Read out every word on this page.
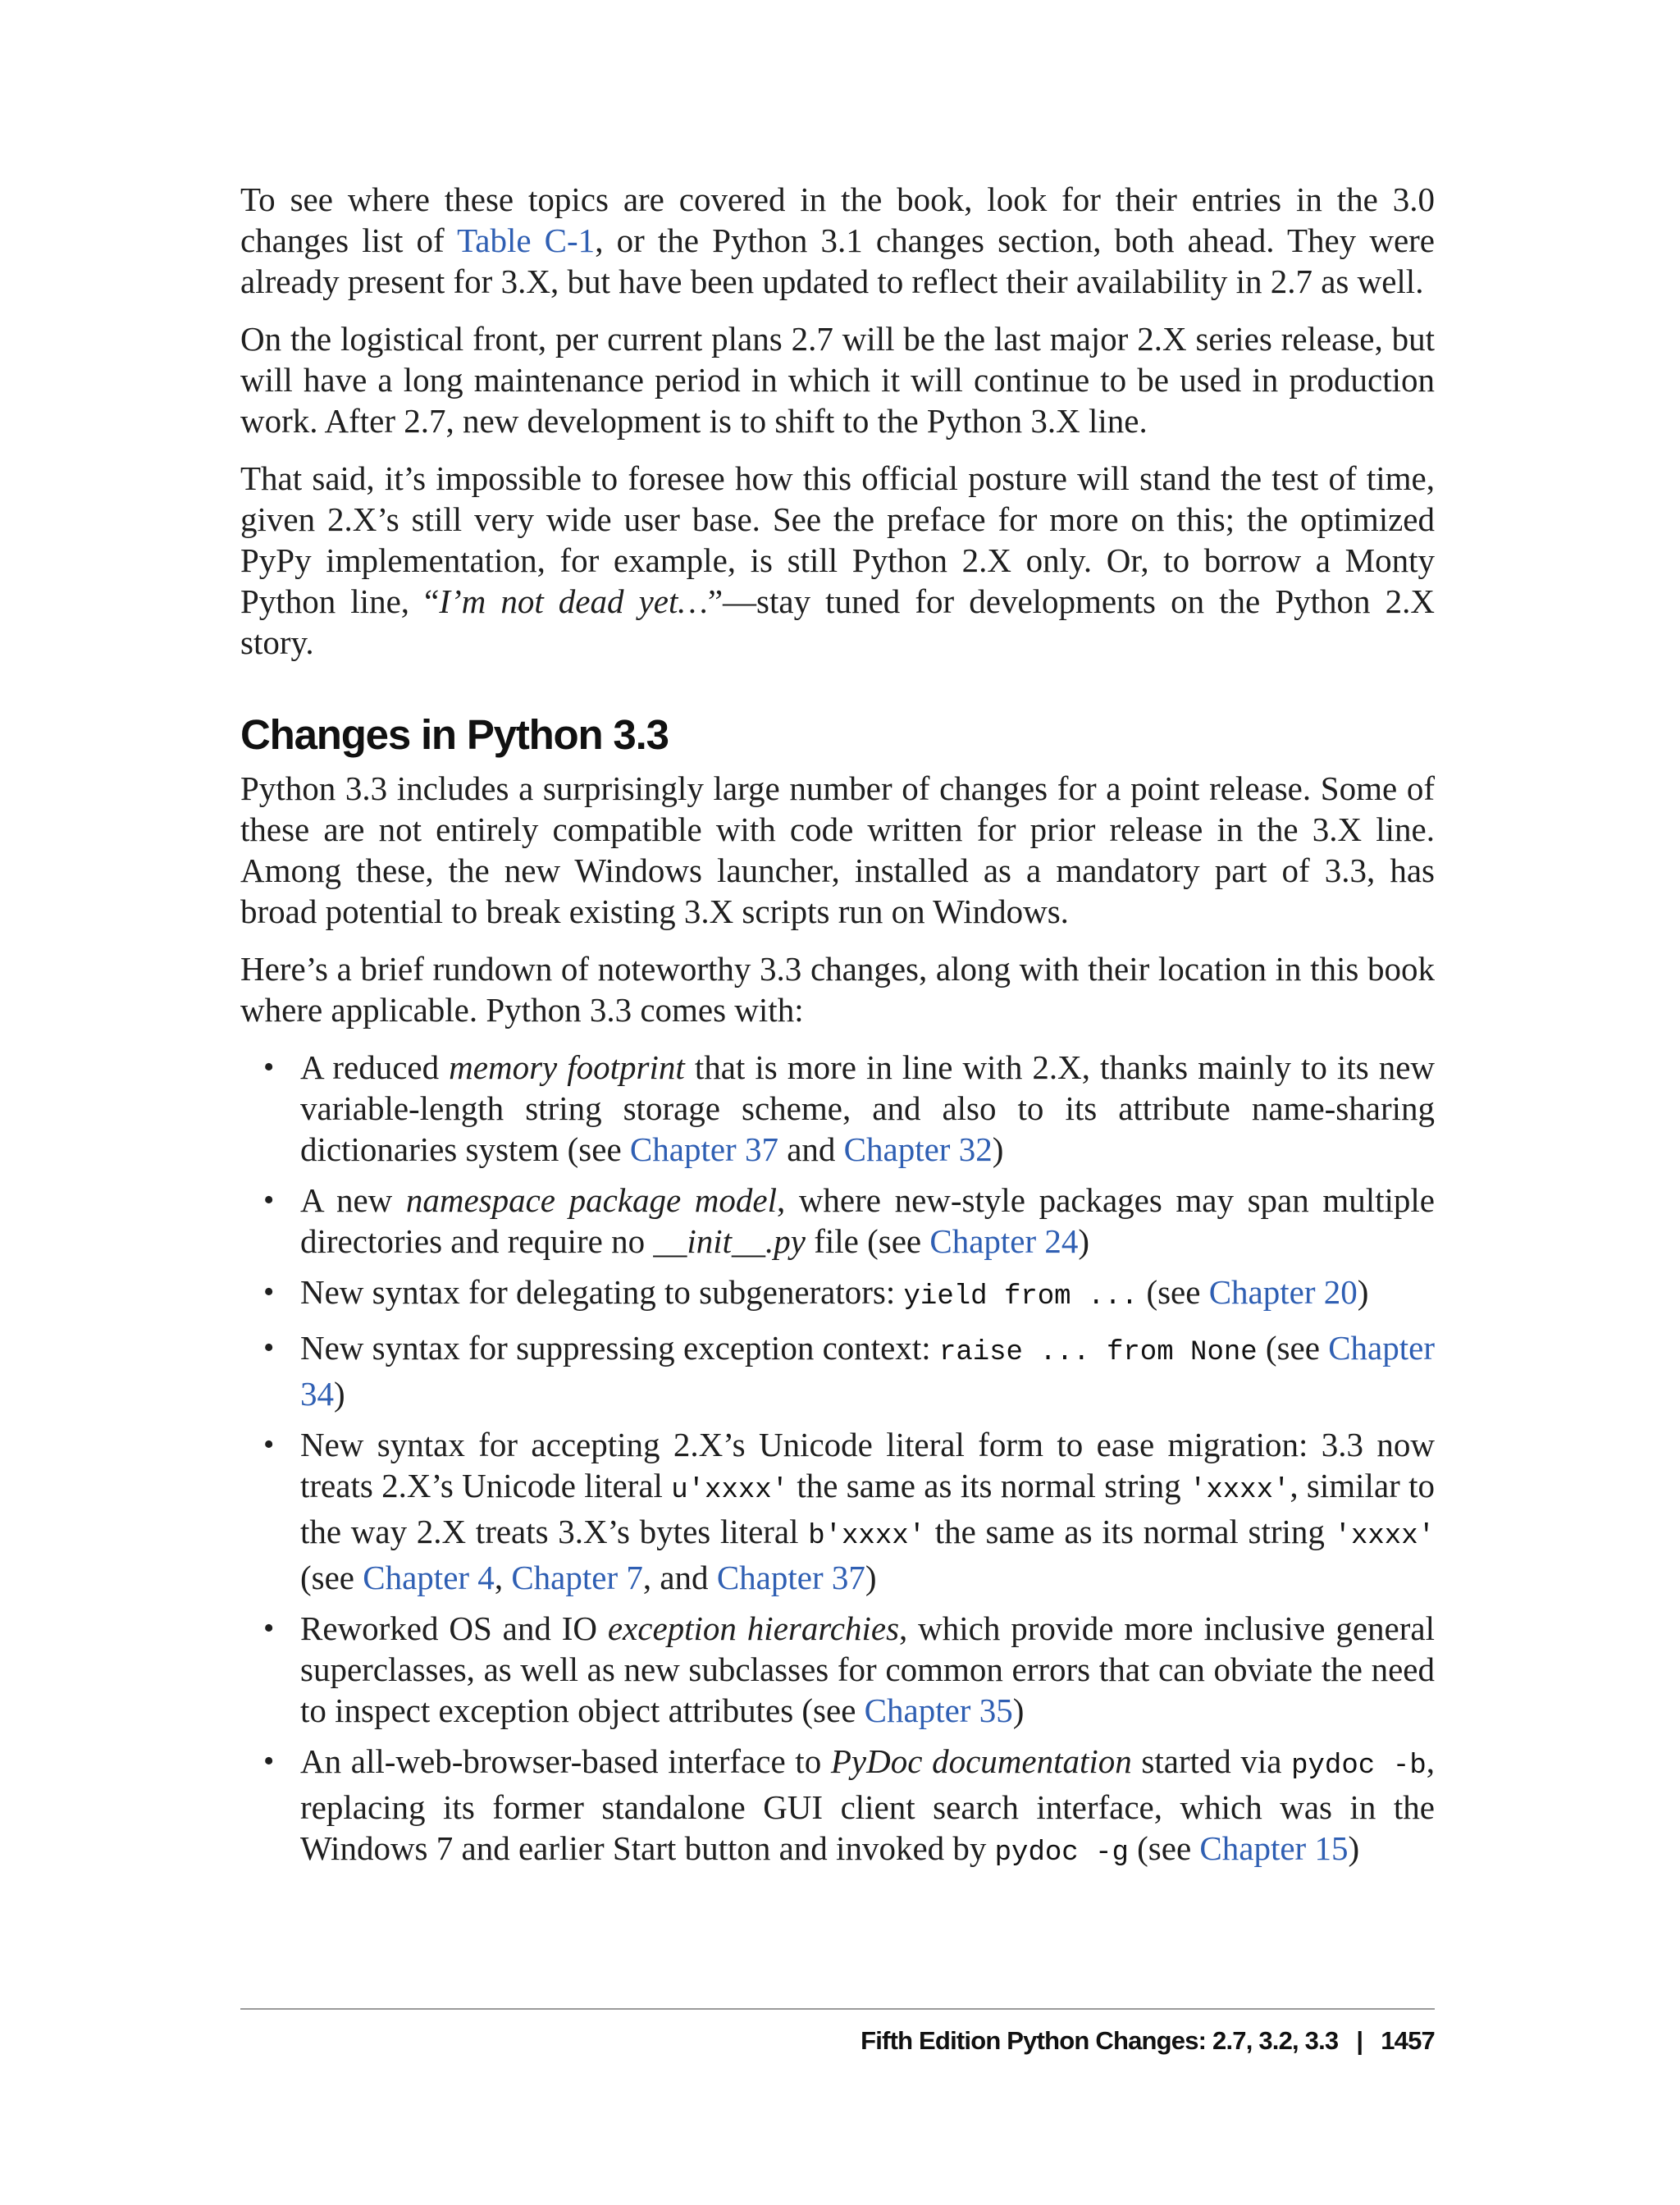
To see where these topics are covered in the book, look for their entries in the 3.0 changes list of Table C-1, or the Python 3.1 changes section, both ahead. They were already present for 3.X, but have been updated to reflect their availability in 2.7 as well.

On the logistical front, per current plans 2.7 will be the last major 2.X series release, but will have a long maintenance period in which it will continue to be used in production work. After 2.7, new development is to shift to the Python 3.X line.

That said, it’s impossible to foresee how this official posture will stand the test of time, given 2.X’s still very wide user base. See the preface for more on this; the optimized PyPy implementation, for example, is still Python 2.X only. Or, to borrow a Monty Python line, “I’m not dead yet…”—stay tuned for developments on the Python 2.X story.

Changes in Python 3.3

Python 3.3 includes a surprisingly large number of changes for a point release. Some of these are not entirely compatible with code written for prior release in the 3.X line. Among these, the new Windows launcher, installed as a mandatory part of 3.3, has broad potential to break existing 3.X scripts run on Windows.

Here’s a brief rundown of noteworthy 3.3 changes, along with their location in this book where applicable. Python 3.3 comes with:

• A reduced memory footprint that is more in line with 2.X, thanks mainly to its new variable-length string storage scheme, and also to its attribute name-sharing dictionaries system (see Chapter 37 and Chapter 32)
• A new namespace package model, where new-style packages may span multiple directories and require no __init__.py file (see Chapter 24)
• New syntax for delegating to subgenerators: yield from ... (see Chapter 20)
• New syntax for suppressing exception context: raise ... from None (see Chapter 34)
• New syntax for accepting 2.X’s Unicode literal form to ease migration: 3.3 now treats 2.X’s Unicode literal u'xxxx' the same as its normal string 'xxxx', similar to the way 2.X treats 3.X’s bytes literal b'xxxx' the same as its normal string 'xxxx' (see Chapter 4, Chapter 7, and Chapter 37)
• Reworked OS and IO exception hierarchies, which provide more inclusive general superclasses, as well as new subclasses for common errors that can obviate the need to inspect exception object attributes (see Chapter 35)
• An all-web-browser-based interface to PyDoc documentation started via pydoc -b, replacing its former standalone GUI client search interface, which was in the Windows 7 and earlier Start button and invoked by pydoc -g (see Chapter 15)
Fifth Edition Python Changes: 2.7, 3.2, 3.3 | 1457
